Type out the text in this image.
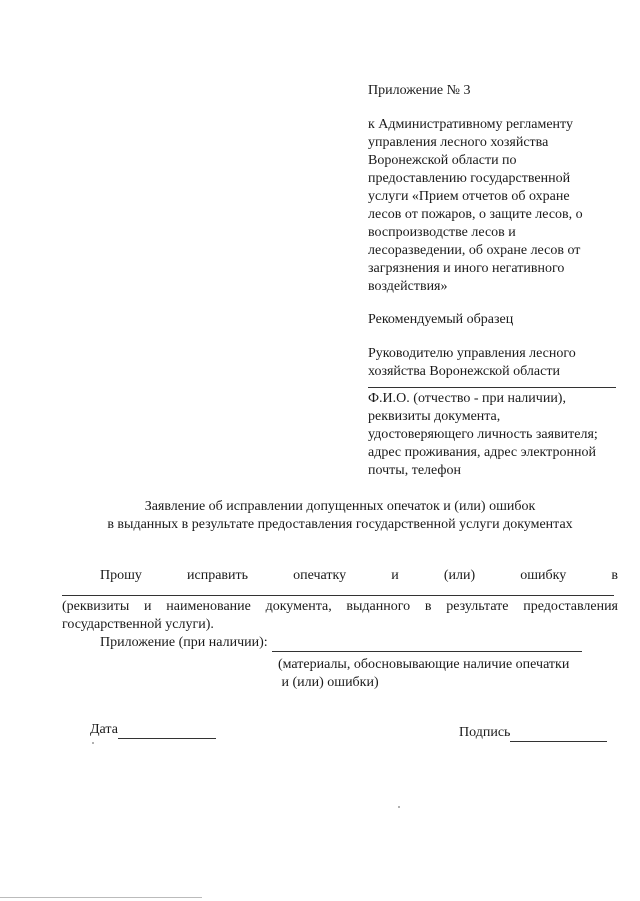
Приложение № 3
к Административному регламенту
управления лесного хозяйства
Воронежской области по
предоставлению государственной
услуги «Прием отчетов об охране
лесов от пожаров, о защите лесов, о
воспроизводстве лесов и
лесоразведении, об охране лесов от
загрязнения и иного негативного
воздействия»
Рекомендуемый образец
Руководителю управления лесного
хозяйства Воронежской области
Ф.И.О. (отчество - при наличии),
реквизиты документа,
удостоверяющего личность заявителя;
адрес проживания, адрес электронной
почты, телефон
Заявление об исправлении допущенных опечаток и (или) ошибок
в выданных в результате предоставления государственной услуги документах
Прошу	исправить	опечатку	и	(или)	ошибку	в
(реквизиты и наименование документа, выданного в результате предоставления государственной услуги).
Приложение (при наличии):
(материалы, обосновывающие наличие опечатки
и (или) ошибки)
Дата	Подпись
